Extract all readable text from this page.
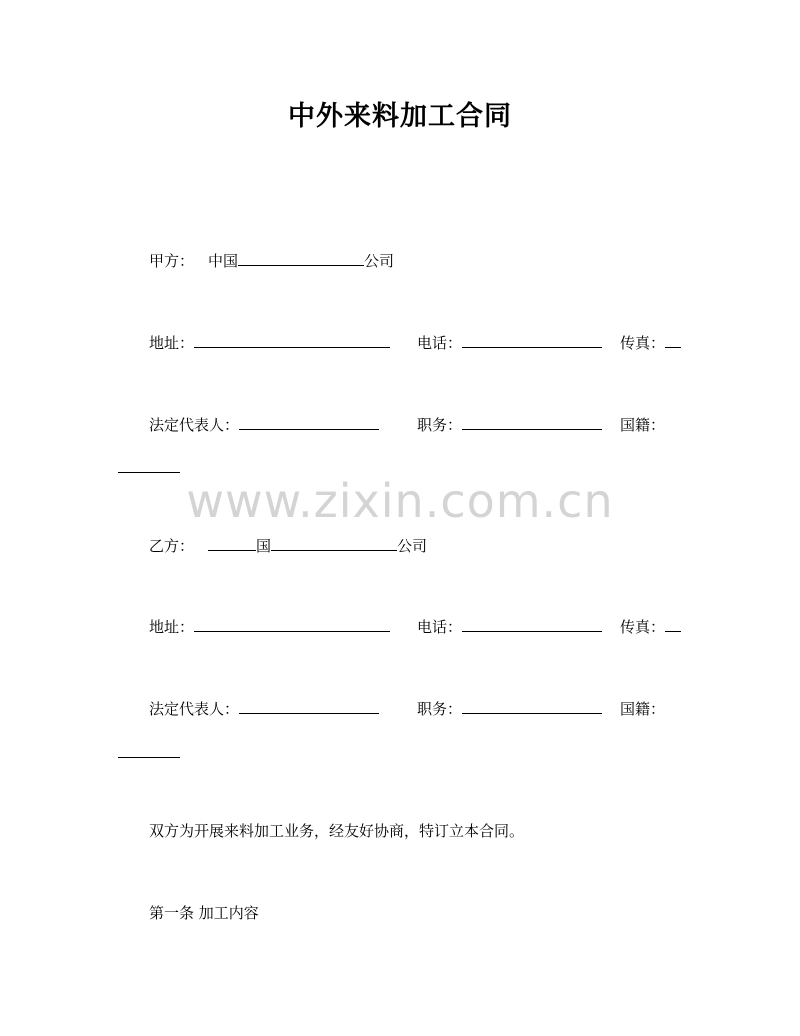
中外来料加工合同
www.zixin.com.cn
甲方： 中国	公司
地址：	电话：	传真：
法定代表人：	职务：	国籍：
乙方：	国	公司
地址：	电话：	传真：
法定代表人：	职务：	国籍：
双方为开展来料加工业务，经友好协商，特订立本合同。
第一条 加工内容
